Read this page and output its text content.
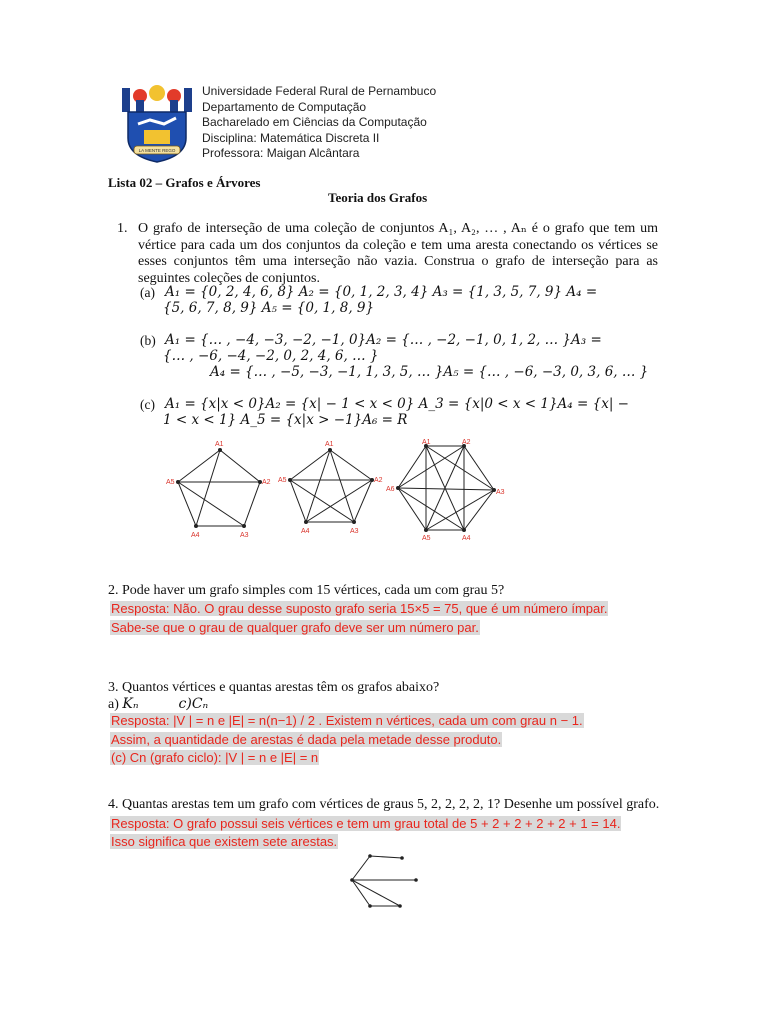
LA MENTE REGO
Universidade Federal Rural de Pernambuco
Departamento de Computação
Bacharelado em Ciências da Computação
Disciplina: Matemática Discreta II
Professora: Maigan Alcântara
Lista 02 – Grafos e Árvores
Teoria dos Grafos
1. O grafo de interseção de uma coleção de conjuntos A₁, A₂, … , Aₙ é o grafo que tem um vértice para cada um dos conjuntos da coleção e tem uma aresta conectando os vértices se esses conjuntos têm uma interseção não vazia. Construa o grafo de interseção para as seguintes coleções de conjuntos.
(a) A₁ = {0, 2, 4, 6, 8} A₂ = {0, 1, 2, 3, 4} A₃ = {1, 3, 5, 7, 9} A₄ =
{5, 6, 7, 8, 9} A₅ = {0, 1, 8, 9}
(b) A₁ = {… , −4, −3, −2, −1, 0}A₂ = {… , −2, −1, 0, 1, 2, … }A₃ =
{… , −6, −4, −2, 0, 2, 4, 6, … }
A₄ = {… , −5, −3, −1, 1, 3, 5, … }A₅ = {… , −6, −3, 0, 3, 6, … }
(c) A₁ = {x|x < 0}A₂ = {x| − 1 < x < 0} A_3 = {x|0 < x < 1}A₄ = {x| −
1 < x < 1} A_5 = {x|x > −1}A₆ = R
A1
A2
A3
A4
A5
A1
A2
A3
A4
A5
A1	A2
A3
A4
A5
A6
2. Pode haver um grafo simples com 15 vértices, cada um com grau 5?
Resposta: Não. O grau desse suposto grafo seria 15×5 = 75, que é um número ímpar.
Sabe-se que o grau de qualquer grafo deve ser um número par.
3. Quantos vértices e quantas arestas têm os grafos abaixo?
a) Kₙ	c)Cₙ
Resposta: |V | = n e |E| = n(n−1) / 2 . Existem n vértices, cada um com grau n − 1.
Assim, a quantidade de arestas é dada pela metade desse produto.
(c) Cn (grafo ciclo): |V | = n e |E| = n
4. Quantas arestas tem um grafo com vértices de graus 5, 2, 2, 2, 2, 1? Desenhe um possível grafo.
Resposta: O grafo possui seis vértices e tem um grau total de 5 + 2 + 2 + 2 + 2 + 1 = 14.
Isso significa que existem sete arestas.
